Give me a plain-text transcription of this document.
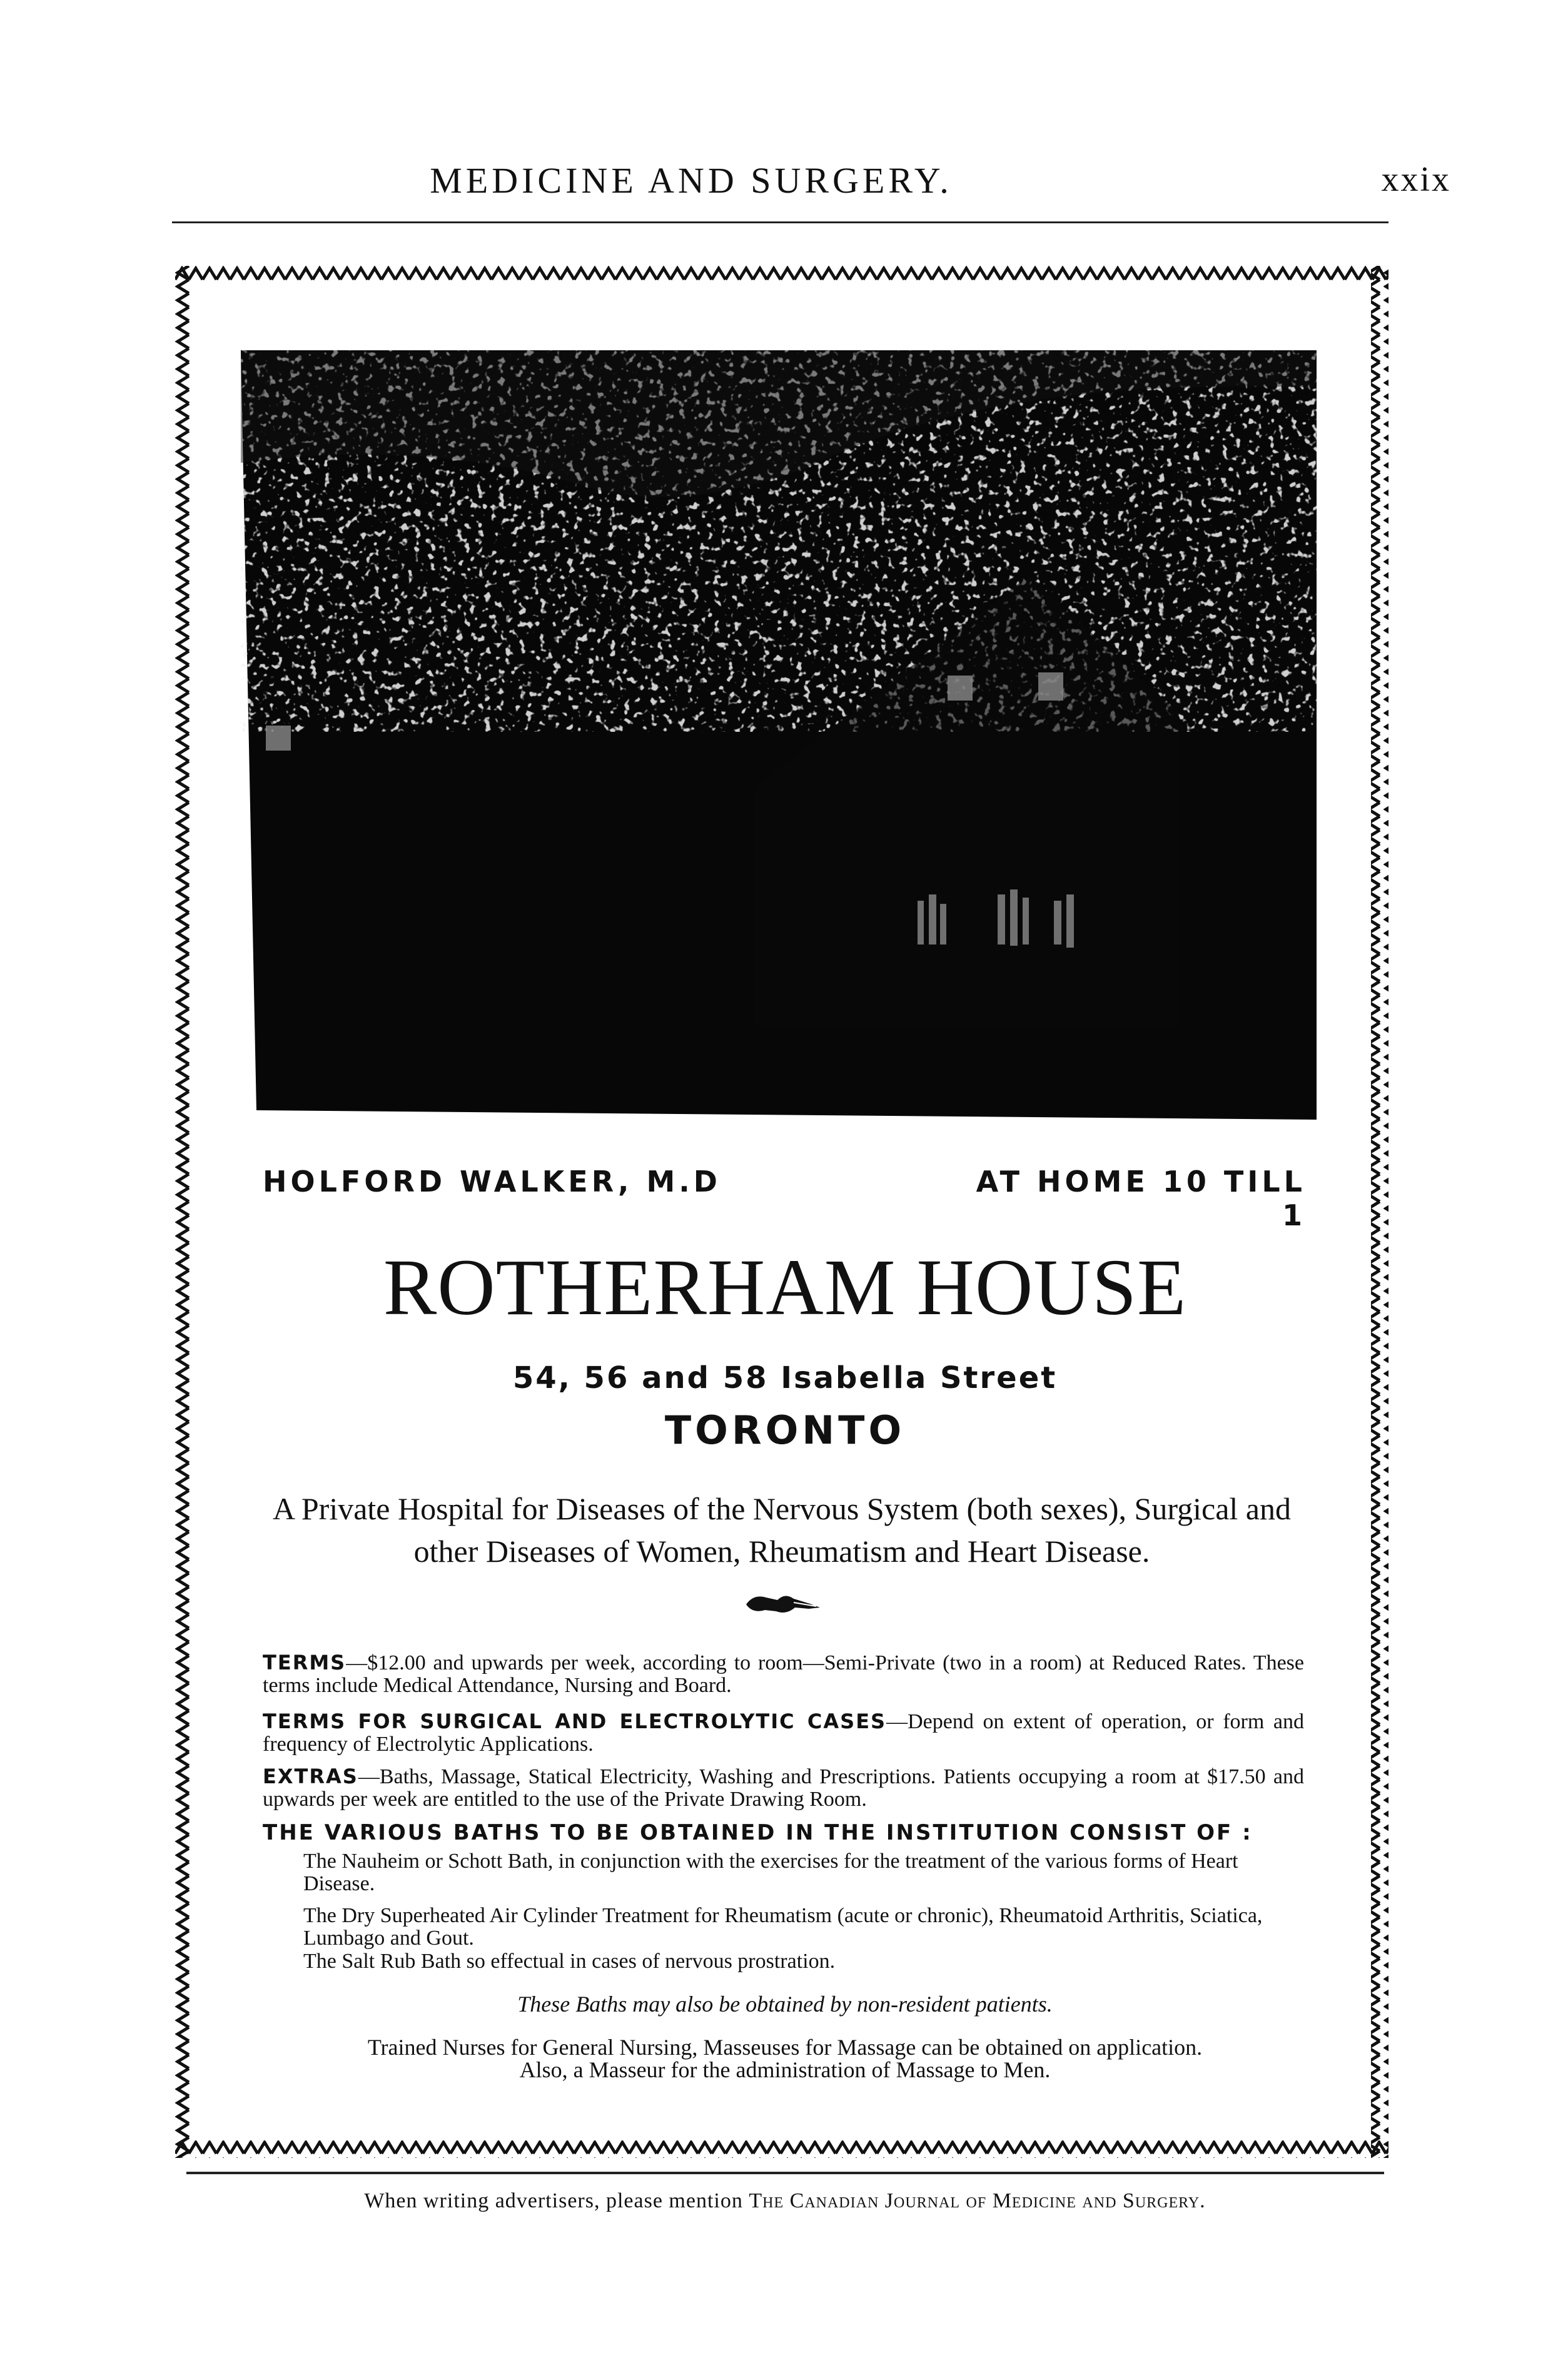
MEDICINE AND SURGERY.	xxix
HOLFORD WALKER, M.D	AT HOME 10 TILL 1
ROTHERHAM HOUSE
54, 56 and 58 Isabella Street
TORONTO
A Private Hospital for Diseases of the Nervous System (both sexes), Surgical and other Diseases of Women, Rheumatism and Heart Disease.
TERMS—$12.00 and upwards per week, according to room—Semi-Private (two in a room) at Reduced Rates. These terms include Medical Attendance, Nursing and Board.
TERMS FOR SURGICAL AND ELECTROLYTIC CASES—Depend on extent of operation, or form and frequency of Electrolytic Applications.
EXTRAS—Baths, Massage, Statical Electricity, Washing and Prescriptions. Patients occupying a room at $17.50 and upwards per week are entitled to the use of the Private Drawing Room.
THE VARIOUS BATHS TO BE OBTAINED IN THE INSTITUTION CONSIST OF :
The Nauheim or Schott Bath, in conjunction with the exercises for the treatment of the various forms of Heart Disease.
The Dry Superheated Air Cylinder Treatment for Rheumatism (acute or chronic), Rheumatoid Arthritis, Sciatica, Lumbago and Gout.
The Salt Rub Bath so effectual in cases of nervous prostration.
These Baths may also be obtained by non-resident patients.
Trained Nurses for General Nursing, Masseuses for Massage can be obtained on application.
Also, a Masseur for the administration of Massage to Men.
When writing advertisers, please mention The Canadian Journal of Medicine and Surgery.
